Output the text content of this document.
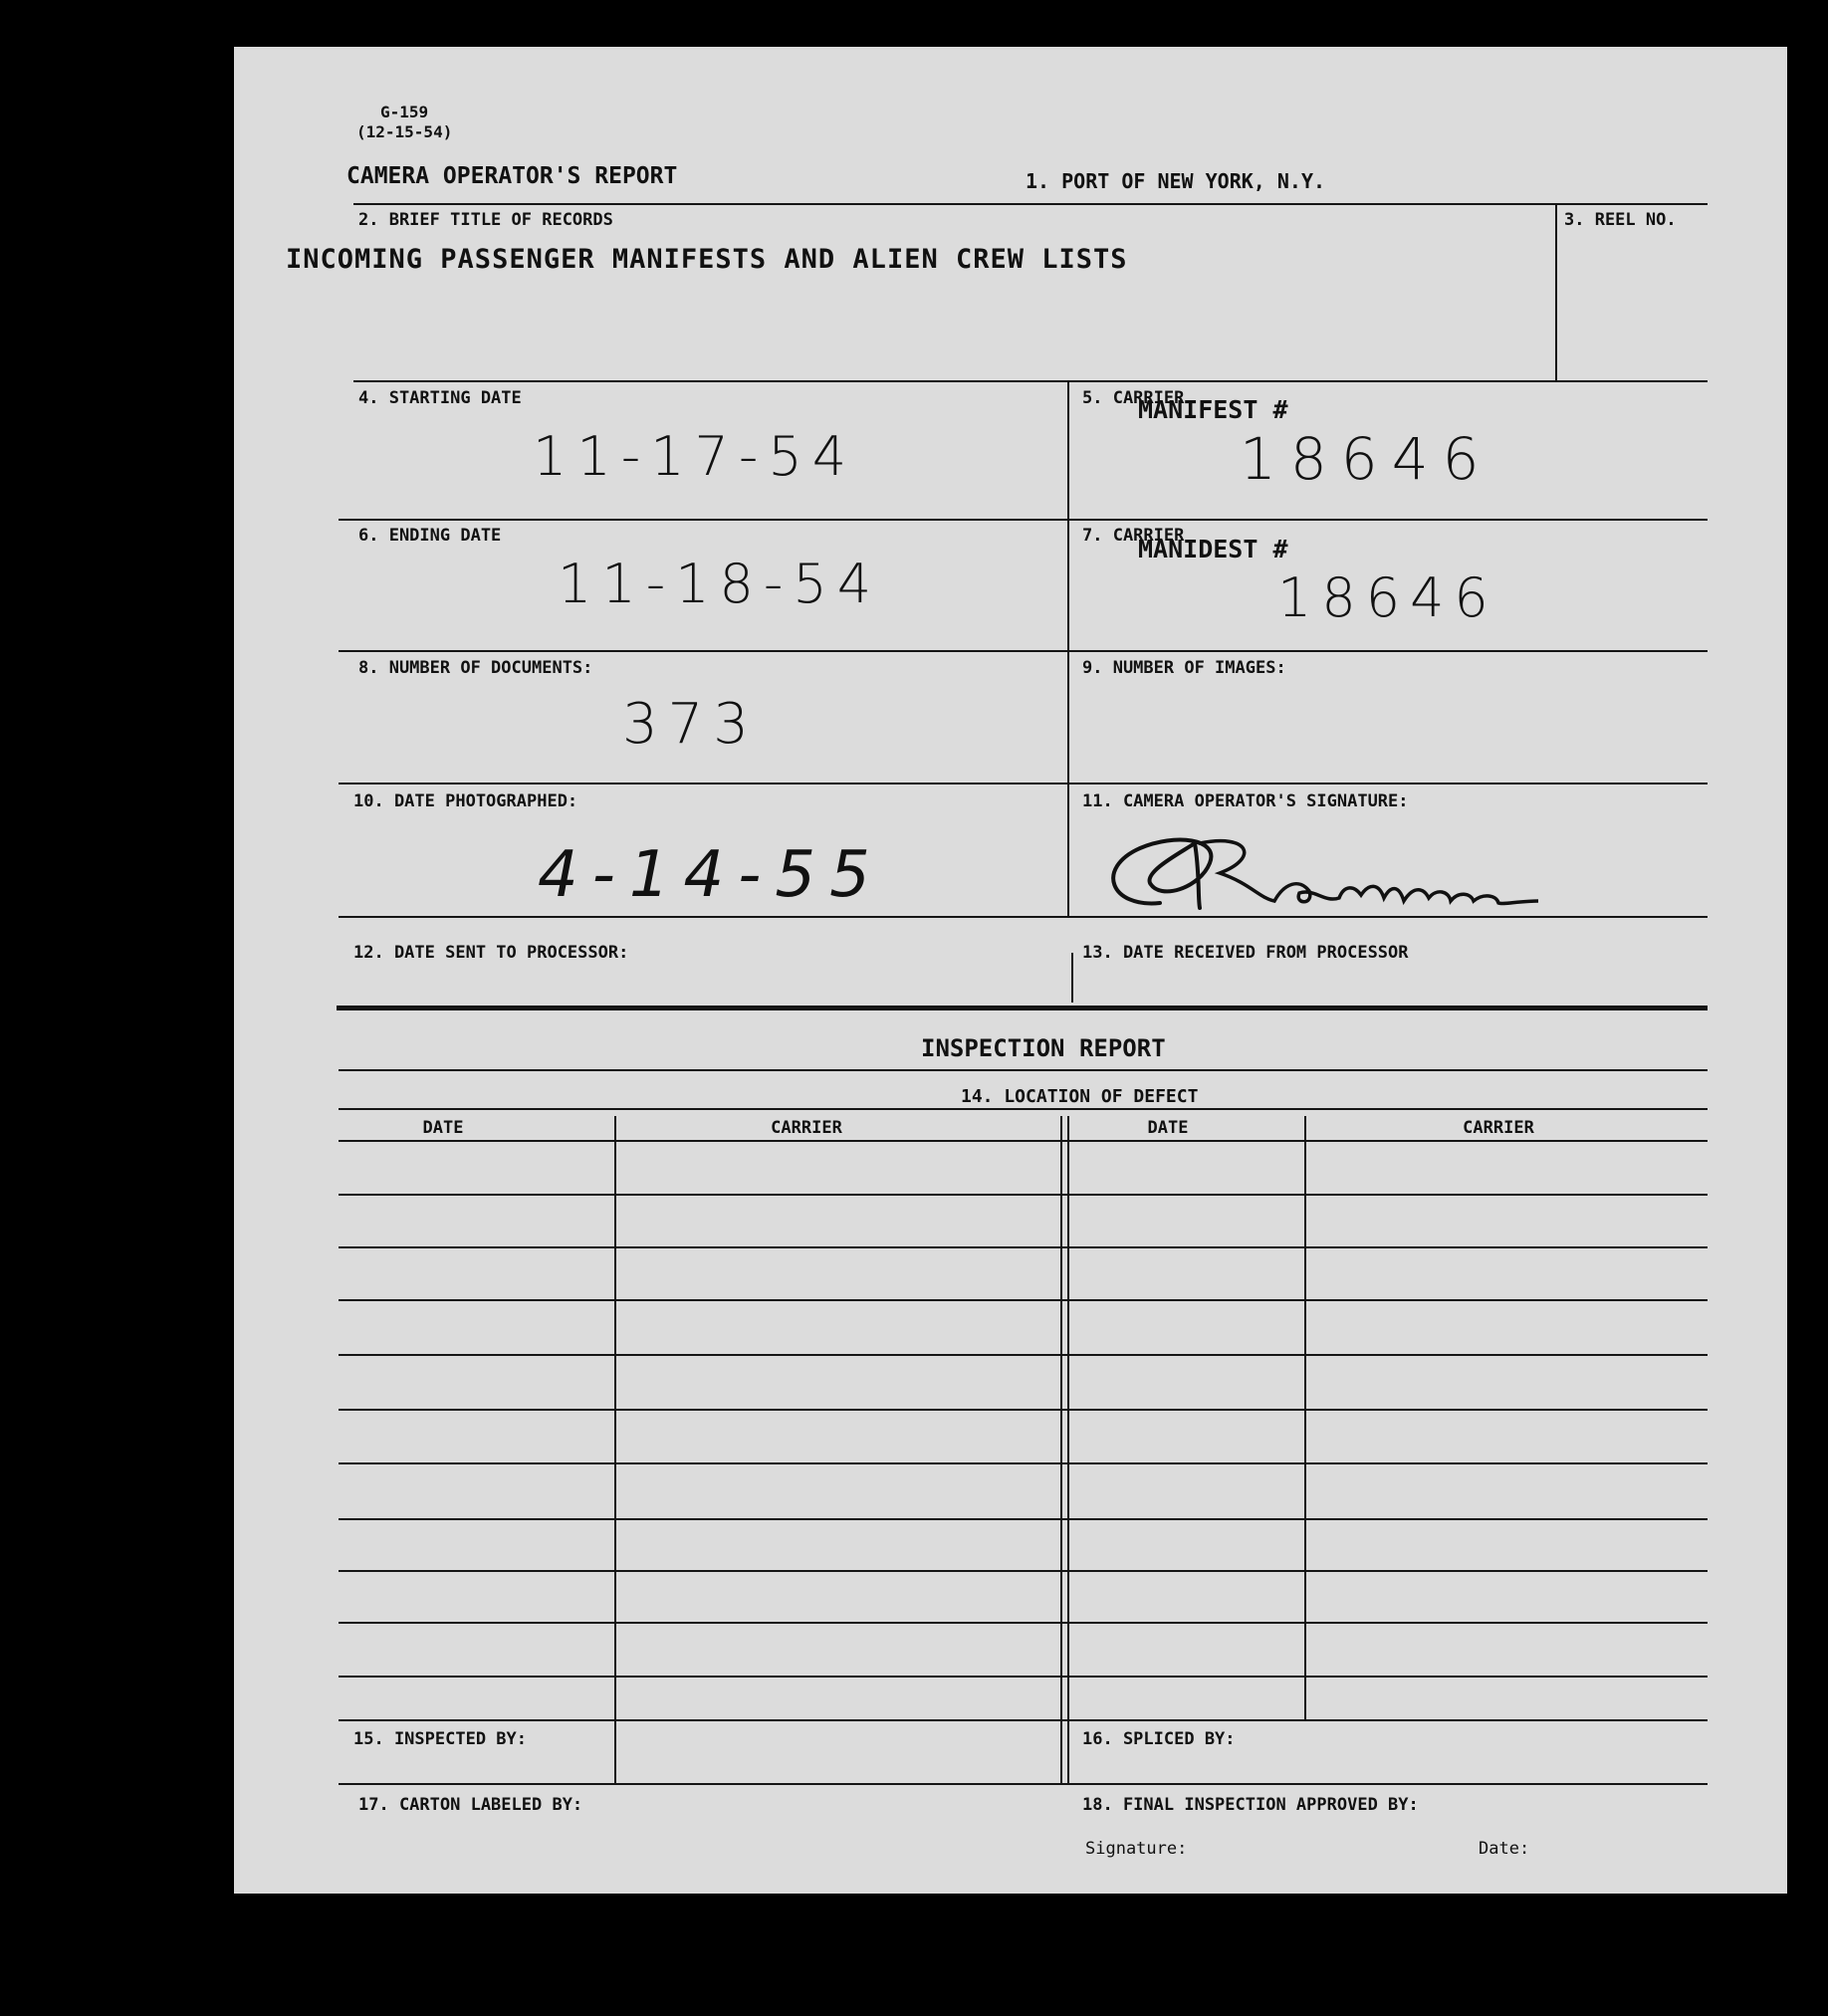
G-159
(12-15-54)
CAMERA OPERATOR'S REPORT	1. PORT OF NEW YORK, N.Y.
2. BRIEF TITLE OF RECORDS
INCOMING PASSENGER MANIFESTS AND ALIEN CREW LISTS
3. REEL NO.
4. STARTING DATE
11-17-54
5. CARRIER
MANIFEST #
18646
6. ENDING DATE
11-18-54
7. CARRIER
MANIDEST #
18646
8. NUMBER OF DOCUMENTS:
373
9. NUMBER OF IMAGES:
10. DATE PHOTOGRAPHED:
4-14-55
11. CAMERA OPERATOR'S SIGNATURE:
12. DATE SENT TO PROCESSOR:	13. DATE RECEIVED FROM PROCESSOR
INSPECTION REPORT
14. LOCATION OF DEFECT
DATE	CARRIER	DATE	CARRIER
15. INSPECTED BY:	16. SPLICED BY:
17. CARTON LABELED BY:	18. FINAL INSPECTION APPROVED BY:
Signature:	Date:
